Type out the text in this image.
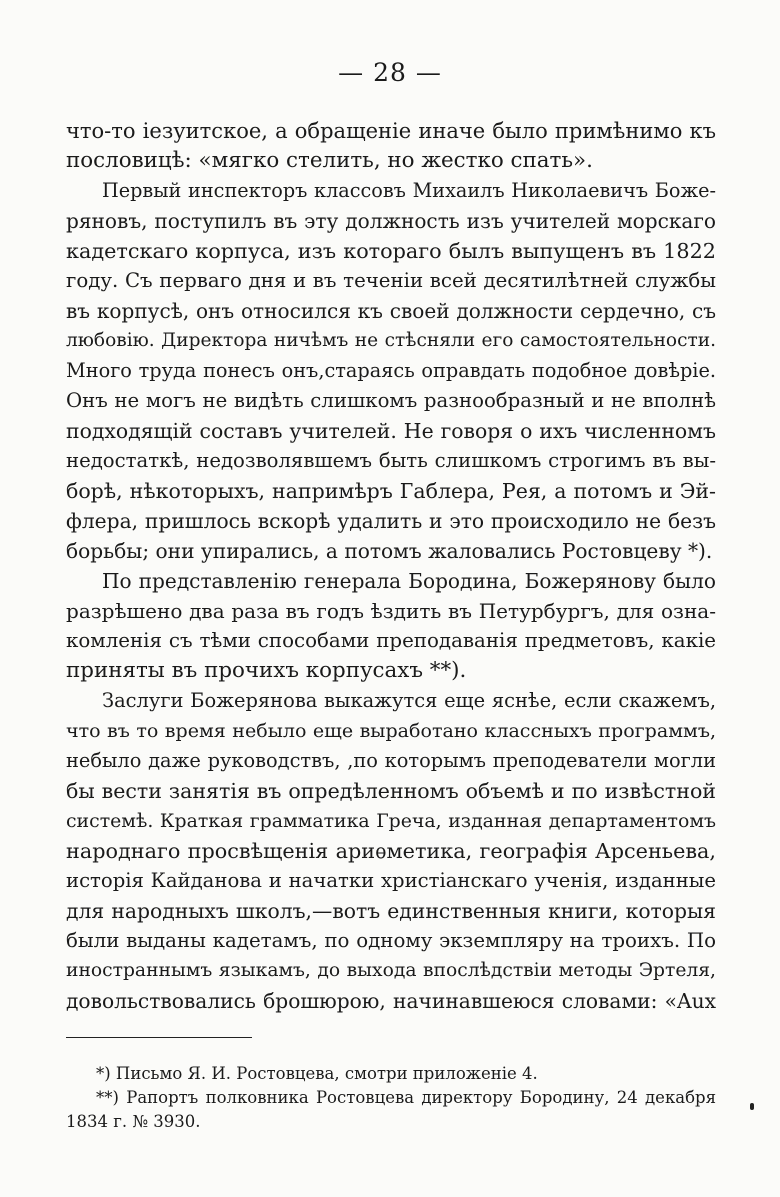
— 28 —

что-то iезуитское, а обращенiе иначе было примѣнимо къ
пословицѣ: «мягко стелить, но жестко спать».

Первый инспекторъ классовъ Михаилъ Николаевичъ Божe-
ряновъ, поступилъ въ эту должность изъ учителей морскаго
кадетскаго корпуса, изъ котораго былъ выпущенъ въ 1822
году. Съ перваго дня и въ теченiи всей десятилѣтней службы
въ корпусѣ, онъ относился къ своей должности сердечно, съ
любовiю. Директора ничѣмъ не стѣсняли его самостоятельности.
Много труда понесъ онъ,стараясь оправдать подобное довѣрiе.
Онъ не могъ не видѣть слишкомъ разнообразный и не вполнѣ
подходящiй составъ учителей. Не говоря о ихъ численномъ
недостаткѣ, недозволявшемъ быть слишкомъ строгимъ въ вы-
борѣ, нѣкоторыхъ, напримѣръ Габлера, Рея, а потомъ и Эй-
флера, пришлось вскорѣ удалить и это происходило не безъ
борьбы; они упирались, а потомъ жаловались Ростовцеву *).

По представленiю генерала Бородина, Божeрянову было
разрѣшено два раза въ годъ ѣздить въ Петурбургъ, для озна-
комленiя съ тѣми способами преподаванiя предметовъ, какiе
приняты въ прочихъ корпусахъ **).

Заслуги Божeрянова выкажутся еще яснѣе, если скажемъ,
что въ то время небыло еще выработано классныхъ программъ,
небыло даже руководствъ, ,по которымъ преподеватели могли
бы вести занятiя въ опредѣленномъ объемѣ и по извѣстной
системѣ. Краткая грамматика Греча, изданная департаментомъ
народнаго просвѣщенiя ариѳметика, географiя Арсеньева,
исторiя Кайданова и начатки христiанскаго ученiя, изданные
для народныхъ школъ,—вотъ единственныя книги, которыя
были выданы кадетамъ, по одному экземпляру на троихъ. По
иностраннымъ языкамъ, до выхода впослѣдствiи методы Эртеля,
довольствовались брошюрою, начинавшеюся словами: «Aux

*) Письмо Я. И. Ростовцева, смотри приложенiе 4.
**) Рапортъ полковника Ростовцева директору Бородину, 24 декабря
1834 г. № 3930.
